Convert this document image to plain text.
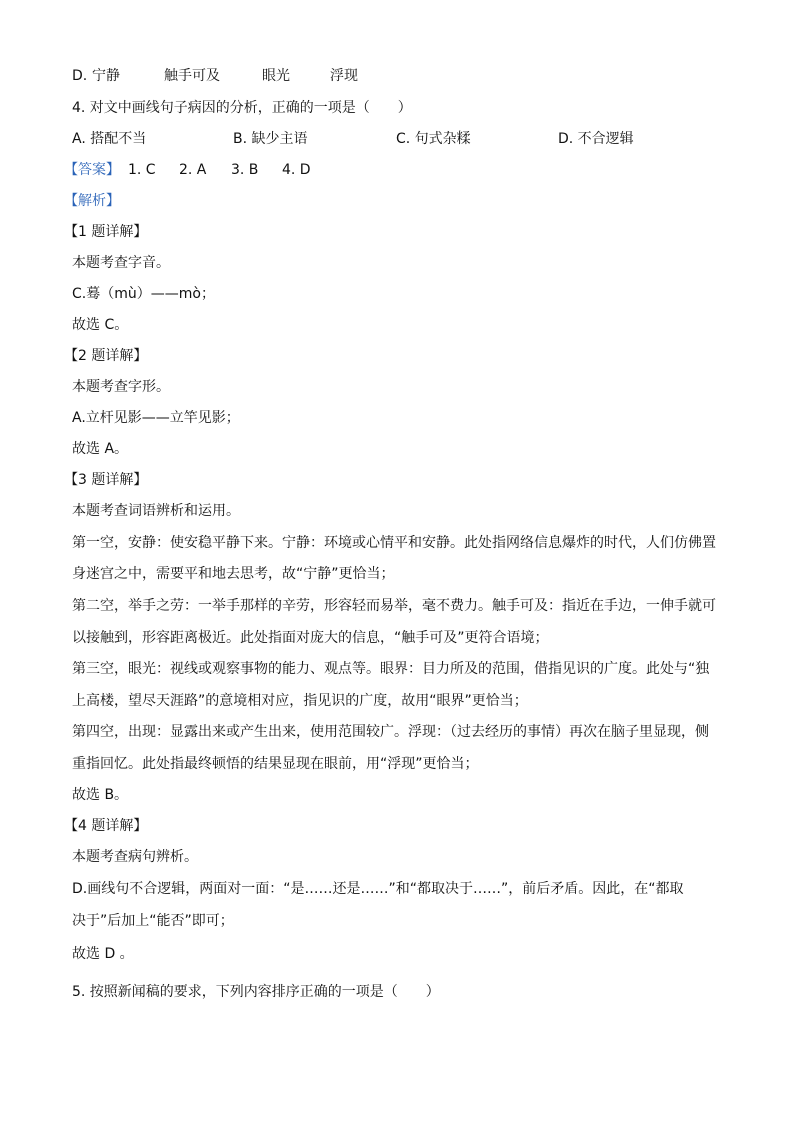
D. 宁静	触手可及	眼光	浮现
4. 对文中画线句子病因的分析，正确的一项是（　　）
A. 搭配不当	B. 缺少主语	C. 句式杂糅	D. 不合逻辑
【答案】 1. C 2. A 3. B 4. D
【解析】
【1 题详解】
本题考查字音。
C.蓦（mù）——mò；
故选 C。
【2 题详解】
本题考查字形。
A.立杆见影——立竿见影；
故选 A。
【3 题详解】
本题考查词语辨析和运用。
第一空，安静：使安稳平静下来。宁静：环境或心情平和安静。此处指网络信息爆炸的时代，人们仿佛置
身迷宫之中，需要平和地去思考，故“宁静”更恰当；
第二空，举手之劳：一举手那样的辛劳，形容轻而易举，毫不费力。触手可及：指近在手边，一伸手就可
以接触到，形容距离极近。此处指面对庞大的信息，“触手可及”更符合语境；
第三空，眼光：视线或观察事物的能力、观点等。眼界：目力所及的范围，借指见识的广度。此处与“独
上高楼，望尽天涯路”的意境相对应，指见识的广度，故用“眼界”更恰当；
第四空，出现：显露出来或产生出来，使用范围较广。浮现：（过去经历的事情）再次在脑子里显现，侧
重指回忆。此处指最终顿悟的结果显现在眼前，用“浮现”更恰当；
故选 B。
【4 题详解】
本题考查病句辨析。
D.画线句不合逻辑，两面对一面：“是……还是……”和“都取决于……”，前后矛盾。因此，在“都取
决于”后加上“能否”即可；
故选 D 。
5. 按照新闻稿的要求，下列内容排序正确的一项是（　　）
